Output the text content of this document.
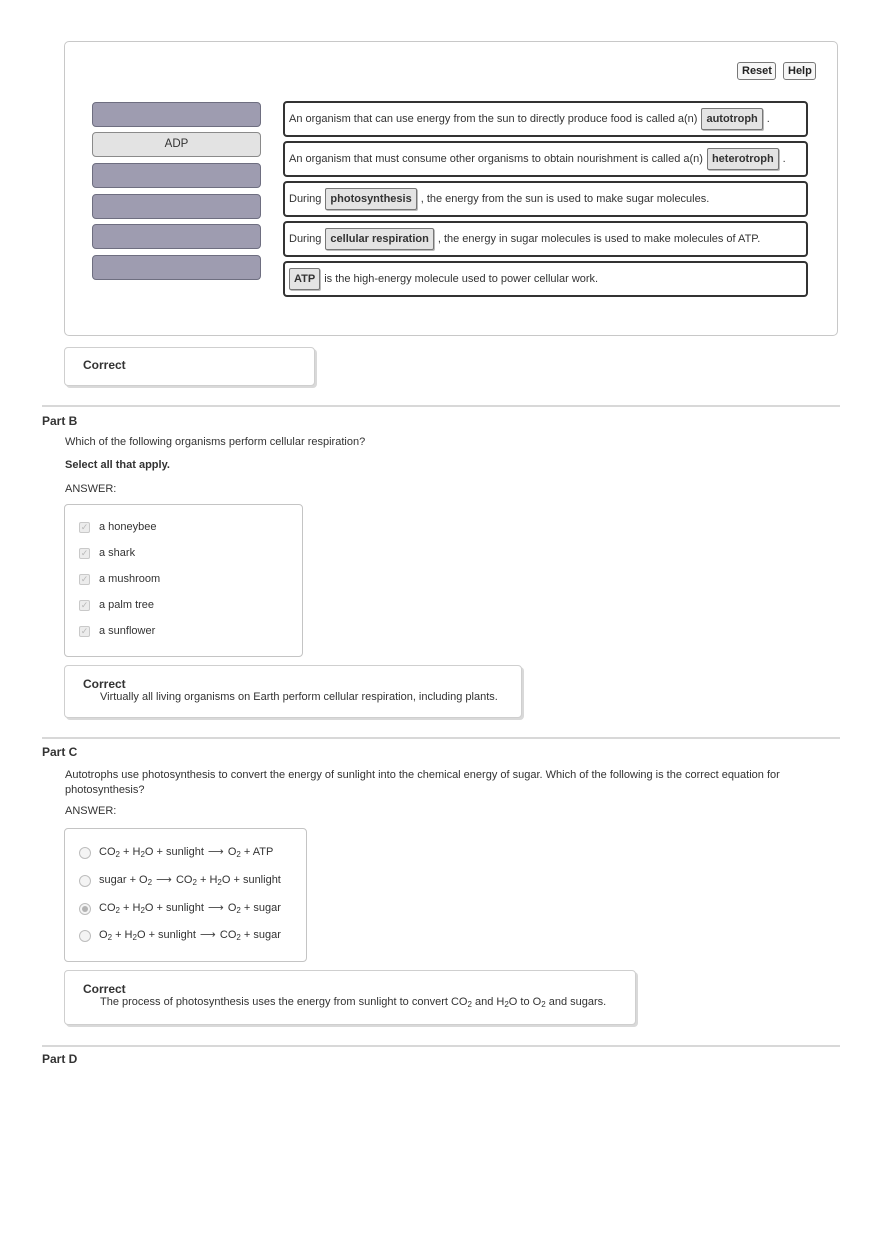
Reset	Help
ADP
An organism that can use energy from the sun to directly produce food is called a(n) autotroph .
An organism that must consume other organisms to obtain nourishment is called a(n) heterotroph .
During photosynthesis , the energy from the sun is used to make sugar molecules.
During cellular respiration , the energy in sugar molecules is used to make molecules of ATP.
ATP is the high-energy molecule used to power cellular work.
Correct
Part B
Which of the following organisms perform cellular respiration?
Select all that apply.
ANSWER:
✓ a honeybee
✓ a shark
✓ a mushroom
✓ a palm tree
✓ a sunflower
Correct
Virtually all living organisms on Earth perform cellular respiration, including plants.
Part C
Autotrophs use photosynthesis to convert the energy of sunlight into the chemical energy of sugar. Which of the following is the correct equation for
photosynthesis?
ANSWER:
$CO_2 + H_2O$ + sunlight ⟶ $O_2$ + ATP
sugar + $O_2$ ⟶ $CO_2 + H_2O$ + sunlight
$CO_2 + H_2O$ + sunlight ⟶ $O_2$ + sugar
$O_2 + H_2O$ + sunlight ⟶ $CO_2$ + sugar
Correct
The process of photosynthesis uses the energy from sunlight to convert $CO_2$ and $H_2O$ to $O_2$ and sugars.
Part D
